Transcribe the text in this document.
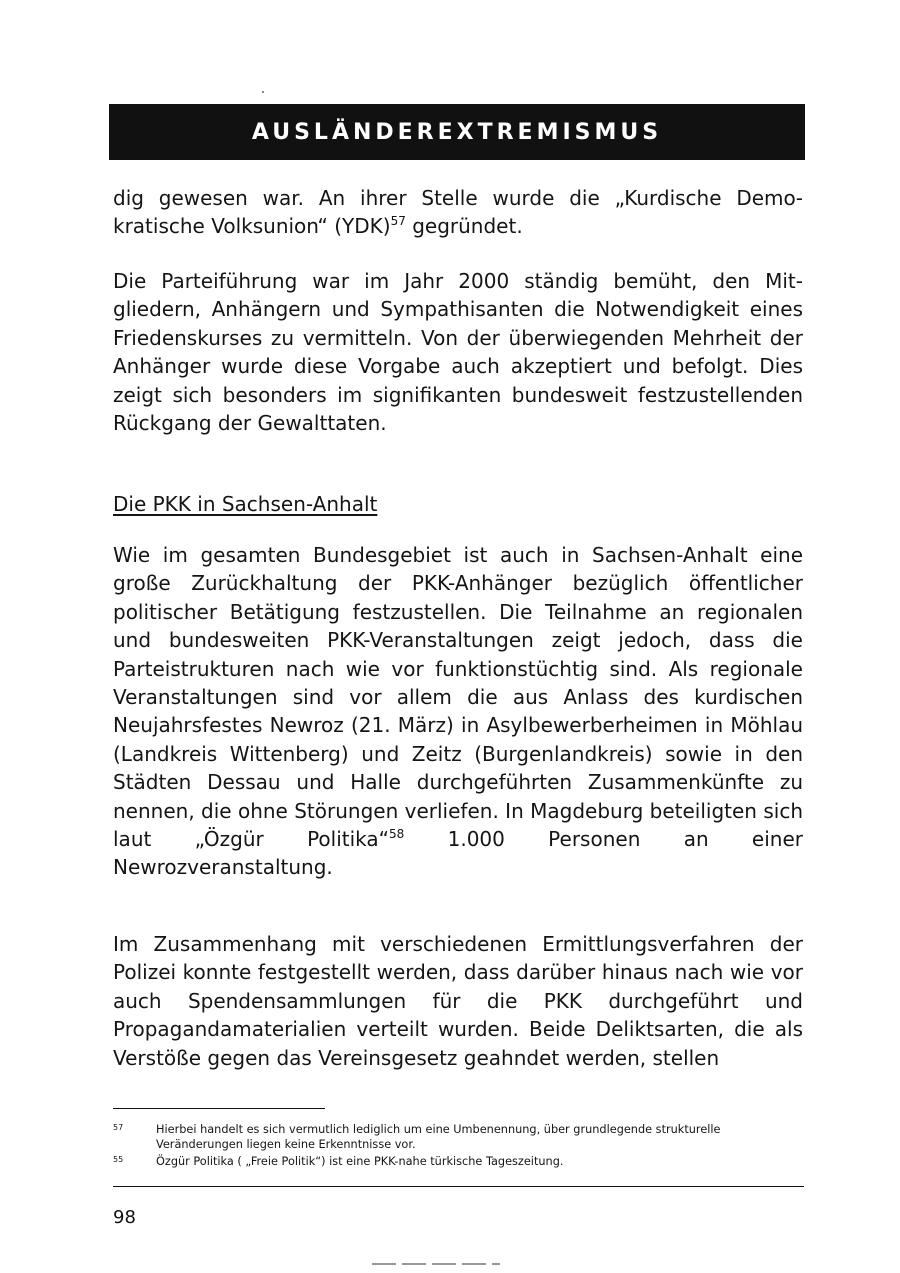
AUSLÄNDEREXTREMISMUS

dig gewesen war. An ihrer Stelle wurde die „Kurdische Demokratische Volksunion“ (YDK)$^{57}$ gegründet.

Die Parteiführung war im Jahr 2000 ständig bemüht, den Mitgliedern, Anhängern und Sympathisanten die Notwendigkeit eines Friedenskurses zu vermitteln. Von der überwiegenden Mehrheit der Anhänger wurde diese Vorgabe auch akzeptiert und befolgt. Dies zeigt sich besonders im signifikanten bundesweit festzustellenden Rückgang der Gewalttaten.

Die PKK in Sachsen-Anhalt

Wie im gesamten Bundesgebiet ist auch in Sachsen-Anhalt eine große Zurückhaltung der PKK-Anhänger bezüglich öffentlicher politischer Betätigung festzustellen. Die Teilnahme an regionalen und bundesweiten PKK-Veranstaltungen zeigt jedoch, dass die Parteistrukturen nach wie vor funktionstüchtig sind. Als regionale Veranstaltungen sind vor allem die aus Anlass des kurdischen Neujahrsfestes Newroz (21. März) in Asylbewerberheimen in Möhlau (Landkreis Wittenberg) und Zeitz (Burgenlandkreis) sowie in den Städten Dessau und Halle durchgeführten Zusammenkünfte zu nennen, die ohne Störungen verliefen. In Magdeburg beteiligten sich laut „Özgür Politika“$^{58}$ 1.000 Personen an einer Newrozveranstaltung.

Im Zusammenhang mit verschiedenen Ermittlungsverfahren der Polizei konnte festgestellt werden, dass darüber hinaus nach wie vor auch Spendensammlungen für die PKK durchgeführt und Propagandamaterialien verteilt wurden. Beide Deliktsarten, die als Verstöße gegen das Vereinsgesetz geahndet werden, stellen

57	Hierbei handelt es sich vermutlich lediglich um eine Umbenennung, über grundlegende strukturelle Veränderungen liegen keine Erkenntnisse vor.
55	Özgür Politika ( „Freie Politik“) ist eine PKK-nahe türkische Tageszeitung.
98
